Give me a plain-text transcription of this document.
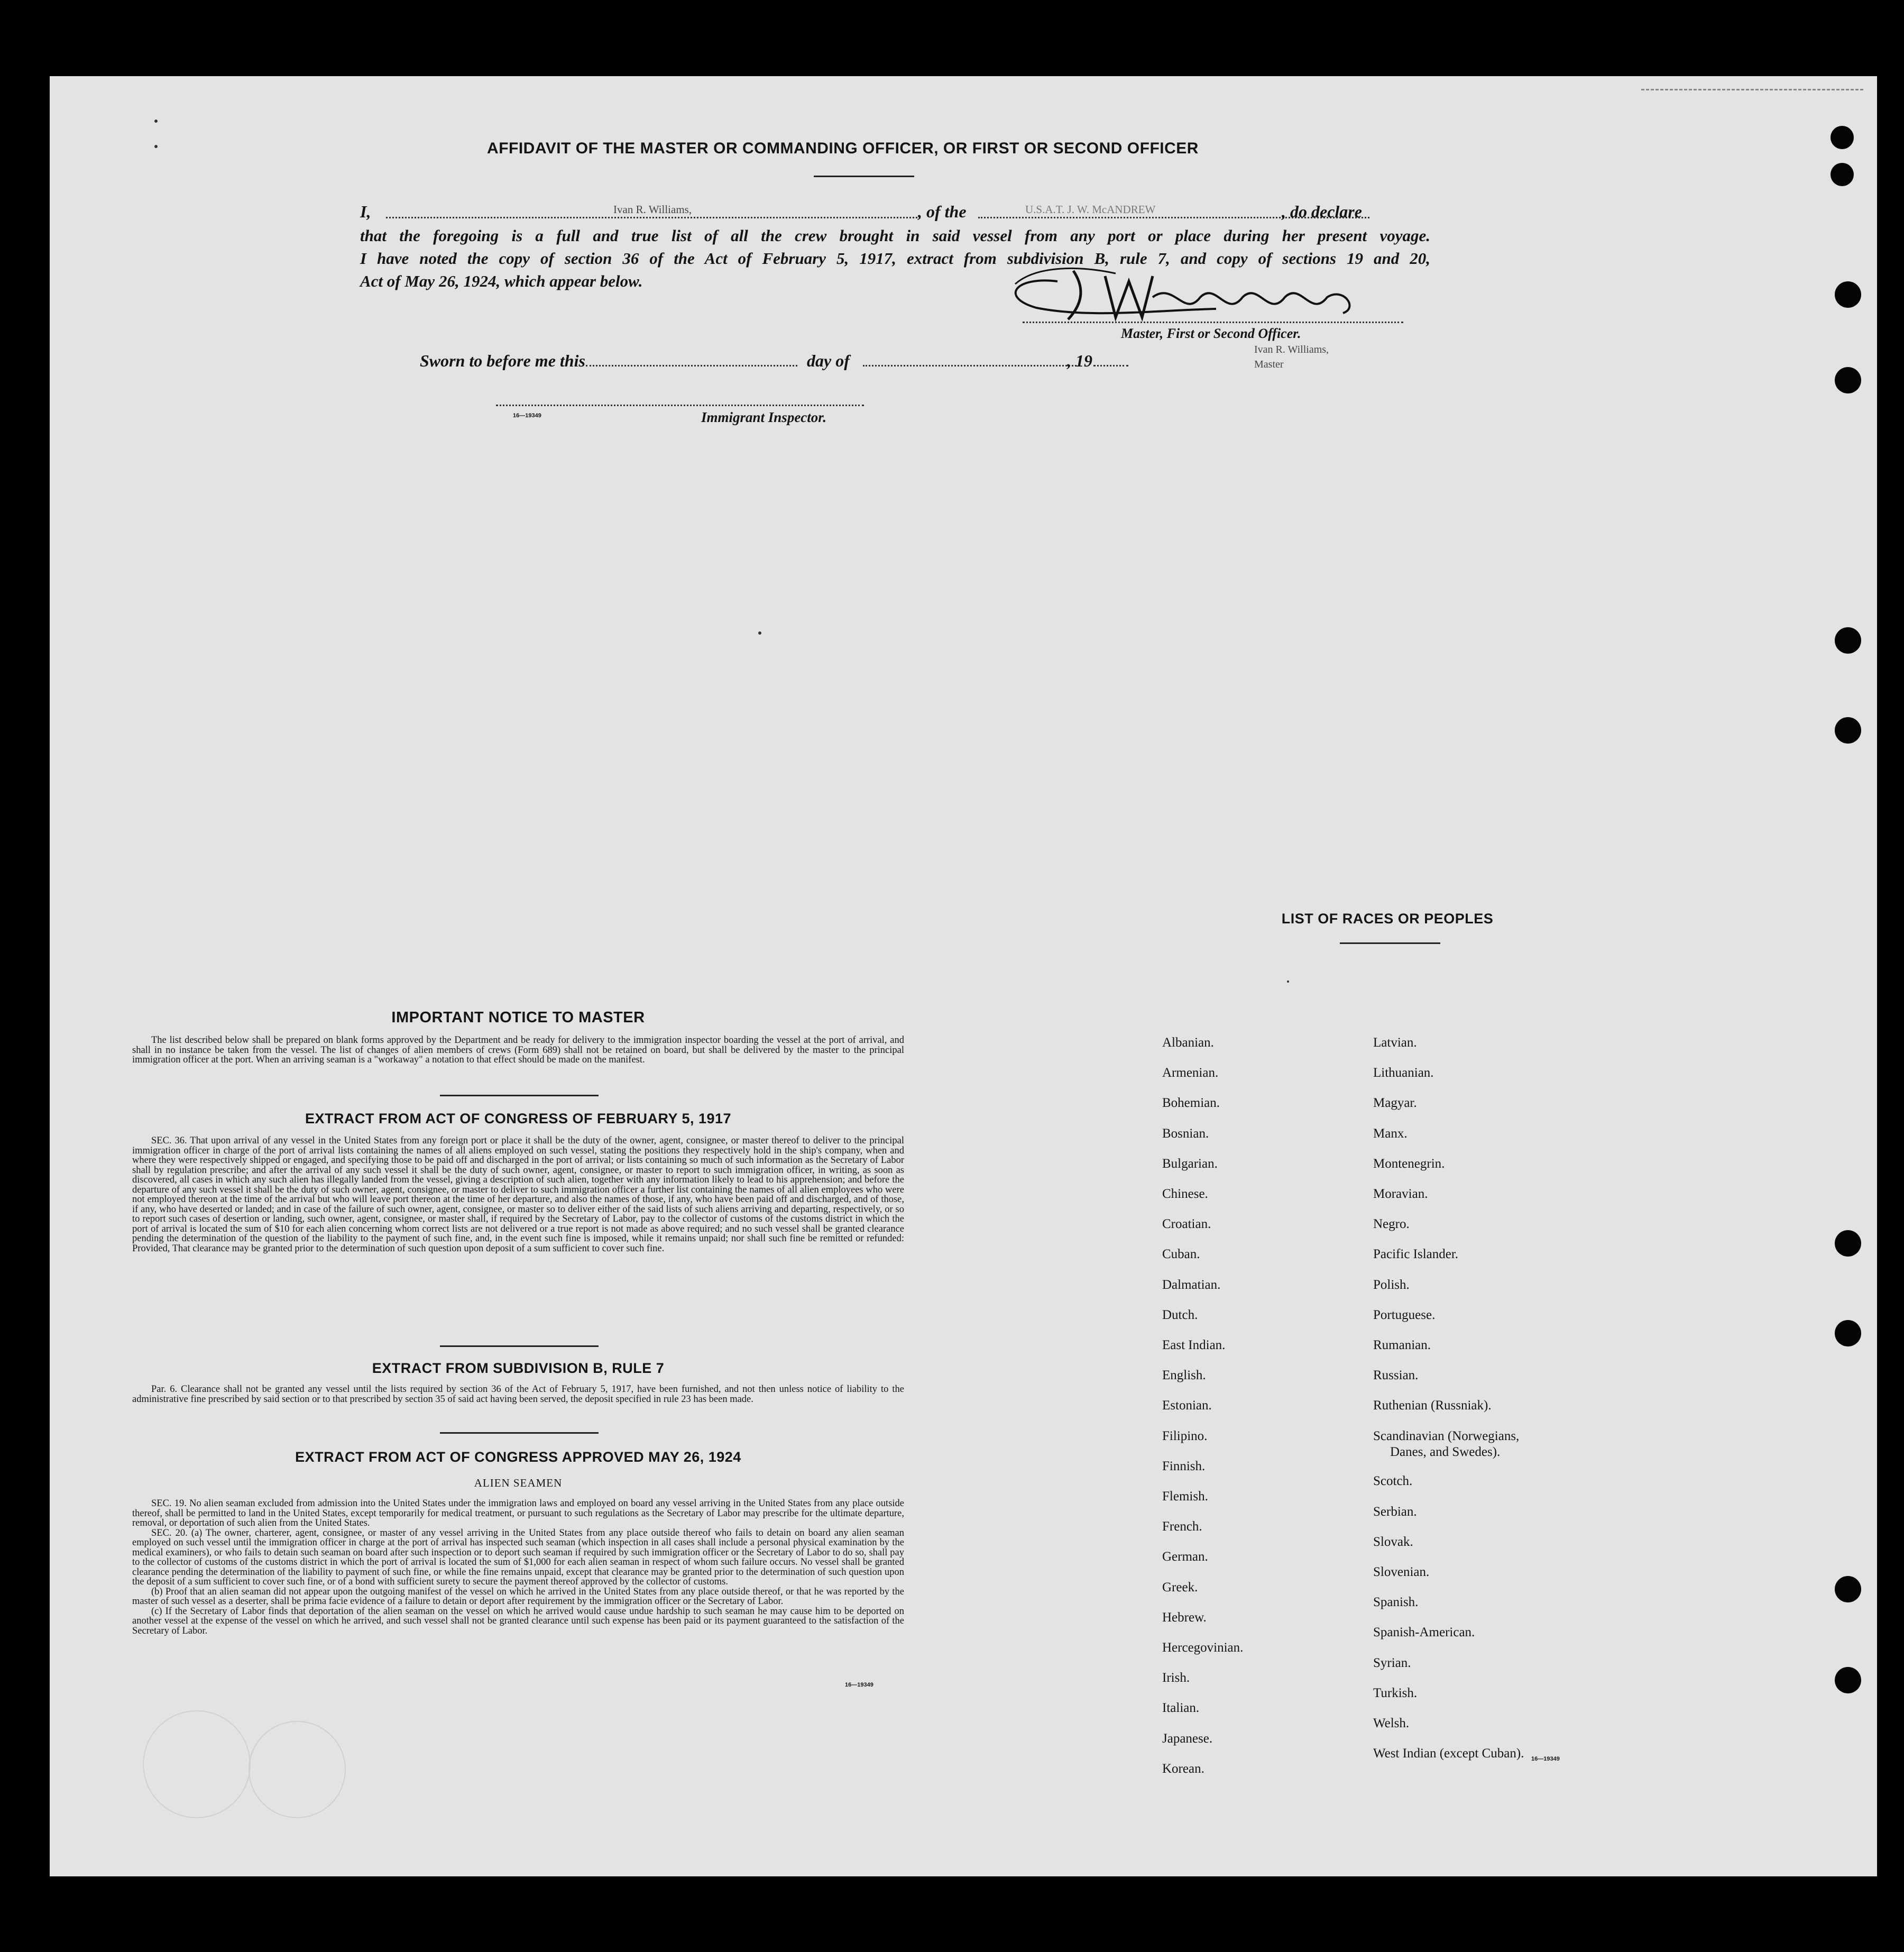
AFFIDAVIT OF THE MASTER OR COMMANDING OFFICER, OR FIRST OR SECOND OFFICER
I,	Ivan R. Williams,	, of the	U.S.A.T. J. W. McANDREW	, do declare
that the foregoing is a full and true list of all the crew brought in said vessel from any port or place during her present voyage.
I have noted the copy of section 36 of the Act of February 5, 1917, extract from subdivision B, rule 7, and copy of sections 19 and 20,
Act of May 26, 1924, which appear below.
Master, First or Second Officer.
Sworn to before me this	day of	, 19
Ivan R. Williams,
Master
16—19349	Immigrant Inspector.
IMPORTANT NOTICE TO MASTER

The list described below shall be prepared on blank forms approved by the Department and be ready for delivery to the immigration inspector boarding the vessel at the port of arrival, and shall in no instance be taken from the vessel. The list of changes of alien members of crews (Form 689) shall not be retained on board, but shall be delivered by the master to the principal immigration officer at the port. When an arriving seaman is a "workaway" a notation to that effect should be made on the manifest.

EXTRACT FROM ACT OF CONGRESS OF FEBRUARY 5, 1917

SEC. 36. That upon arrival of any vessel in the United States from any foreign port or place it shall be the duty of the owner, agent, consignee, or master thereof to deliver to the principal immigration officer in charge of the port of arrival lists containing the names of all aliens employed on such vessel, stating the positions they respectively hold in the ship's company, when and where they were respectively shipped or engaged, and specifying those to be paid off and discharged in the port of arrival; or lists containing so much of such information as the Secretary of Labor shall by regulation prescribe; and after the arrival of any such vessel it shall be the duty of such owner, agent, consignee, or master to report to such immigration officer, in writing, as soon as discovered, all cases in which any such alien has illegally landed from the vessel, giving a description of such alien, together with any information likely to lead to his apprehension; and before the departure of any such vessel it shall be the duty of such owner, agent, consignee, or master to deliver to such immigration officer a further list containing the names of all alien employees who were not employed thereon at the time of the arrival but who will leave port thereon at the time of her departure, and also the names of those, if any, who have been paid off and discharged, and of those, if any, who have deserted or landed; and in case of the failure of such owner, agent, consignee, or master so to deliver either of the said lists of such aliens arriving and departing, respectively, or so to report such cases of desertion or landing, such owner, agent, consignee, or master shall, if required by the Secretary of Labor, pay to the collector of customs of the customs district in which the port of arrival is located the sum of $10 for each alien concerning whom correct lists are not delivered or a true report is not made as above required; and no such vessel shall be granted clearance pending the determination of the question of the liability to the payment of such fine, and, in the event such fine is imposed, while it remains unpaid; nor shall such fine be remitted or refunded: Provided, That clearance may be granted prior to the determination of such question upon deposit of a sum sufficient to cover such fine.

EXTRACT FROM SUBDIVISION B, RULE 7

Par. 6. Clearance shall not be granted any vessel until the lists required by section 36 of the Act of February 5, 1917, have been furnished, and not then unless notice of liability to the administrative fine prescribed by said section or to that prescribed by section 35 of said act having been served, the deposit specified in rule 23 has been made.

EXTRACT FROM ACT OF CONGRESS APPROVED MAY 26, 1924
ALIEN SEAMEN

SEC. 19. No alien seaman excluded from admission into the United States under the immigration laws and employed on board any vessel arriving in the United States from any place outside thereof, shall be permitted to land in the United States, except temporarily for medical treatment, or pursuant to such regulations as the Secretary of Labor may prescribe for the ultimate departure, removal, or deportation of such alien from the United States.

SEC. 20. (a) The owner, charterer, agent, consignee, or master of any vessel arriving in the United States from any place outside thereof who fails to detain on board any alien seaman employed on such vessel until the immigration officer in charge at the port of arrival has inspected such seaman (which inspection in all cases shall include a personal physical examination by the medical examiners), or who fails to detain such seaman on board after such inspection or to deport such seaman if required by such immigration officer or the Secretary of Labor to do so, shall pay to the collector of customs of the customs district in which the port of arrival is located the sum of $1,000 for each alien seaman in respect of whom such failure occurs. No vessel shall be granted clearance pending the determination of the liability to payment of such fine, or while the fine remains unpaid, except that clearance may be granted prior to the determination of such question upon the deposit of a sum sufficient to cover such fine, or of a bond with sufficient surety to secure the payment thereof approved by the collector of customs.

(b) Proof that an alien seaman did not appear upon the outgoing manifest of the vessel on which he arrived in the United States from any place outside thereof, or that he was reported by the master of such vessel as a deserter, shall be prima facie evidence of a failure to detain or deport after requirement by the immigration officer or the Secretary of Labor.

(c) If the Secretary of Labor finds that deportation of the alien seaman on the vessel on which he arrived would cause undue hardship to such seaman he may cause him to be deported on another vessel at the expense of the vessel on which he arrived, and such vessel shall not be granted clearance until such expense has been paid or its payment guaranteed to the satisfaction of the Secretary of Labor.

16—19349
LIST OF RACES OR PEOPLES
16—19349
Albanian.
Armenian.
Bohemian.
Bosnian.
Bulgarian.
Chinese.
Croatian.
Cuban.
Dalmatian.
Dutch.
East Indian.
English.
Estonian.
Filipino.
Finnish.
Flemish.
French.
German.
Greek.
Hebrew.
Hercegovinian.
Irish.
Italian.
Japanese.
Korean.
Latvian.
Lithuanian.
Magyar.
Manx.
Montenegrin.
Moravian.
Negro.
Pacific Islander.
Polish.
Portuguese.
Rumanian.
Russian.
Ruthenian (Russniak).
Scandinavian (Norwegians,
Danes, and Swedes).
Scotch.
Serbian.
Slovak.
Slovenian.
Spanish.
Spanish-American.
Syrian.
Turkish.
Welsh.
West Indian (except Cuban).
